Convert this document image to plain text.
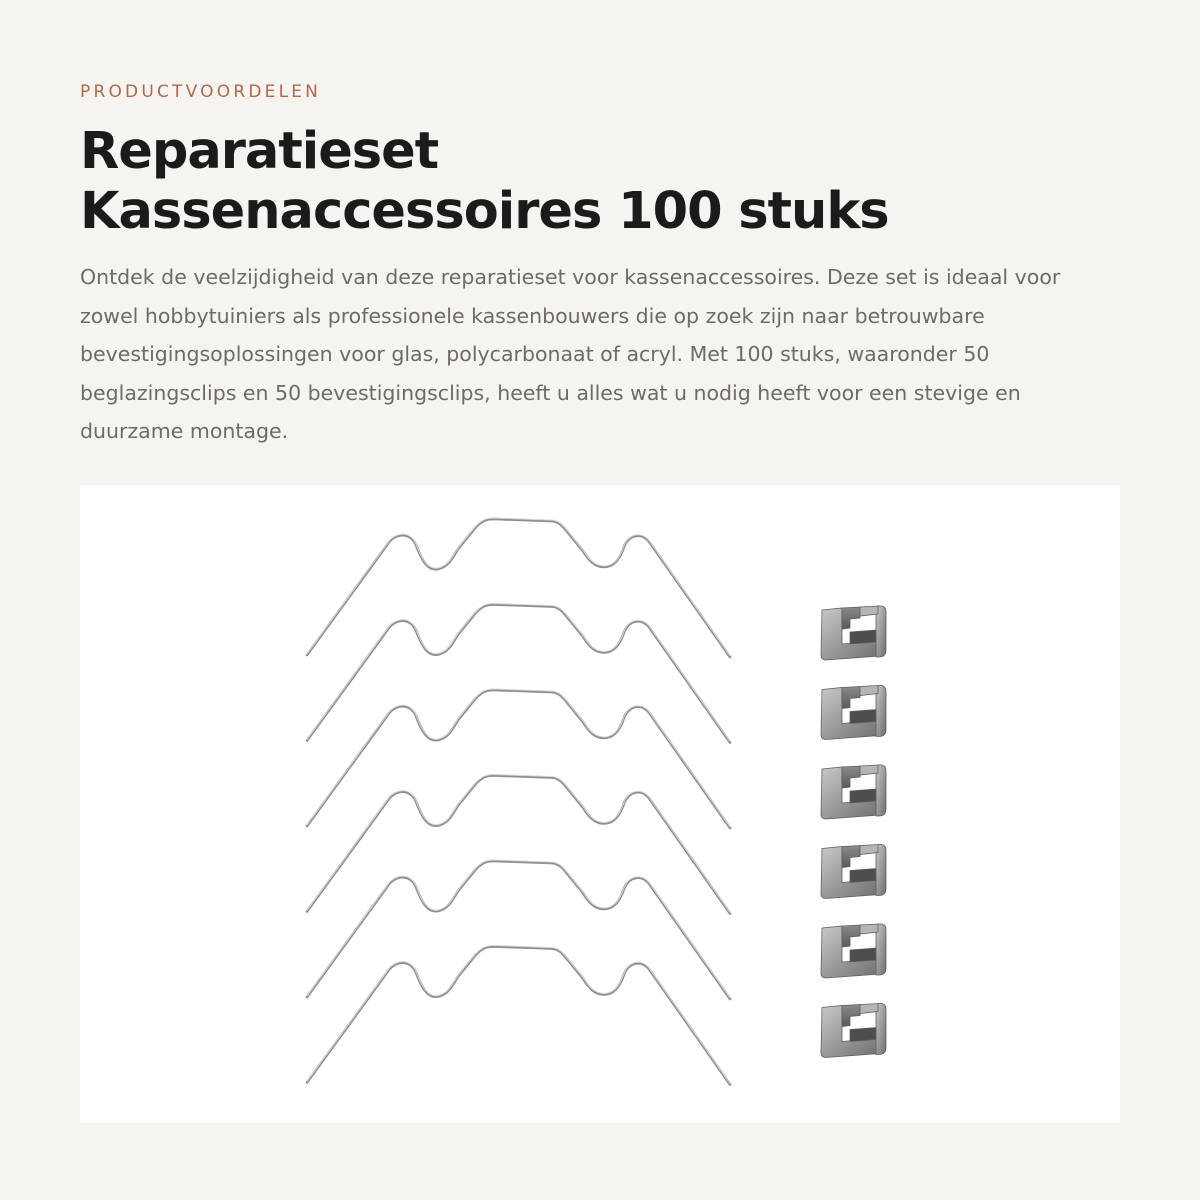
PRODUCTVOORDELEN
Reparatieset
Kassenaccessoires 100 stuks

Ontdek de veelzijdigheid van deze reparatieset voor kassenaccessoires. Deze set is ideaal voor zowel hobbytuiniers als professionele kassenbouwers die op zoek zijn naar betrouwbare bevestigingsoplossingen voor glas, polycarbonaat of acryl. Met 100 stuks, waaronder 50 beglazingsclips en 50 bevestigingsclips, heeft u alles wat u nodig heeft voor een stevige en duurzame montage.
